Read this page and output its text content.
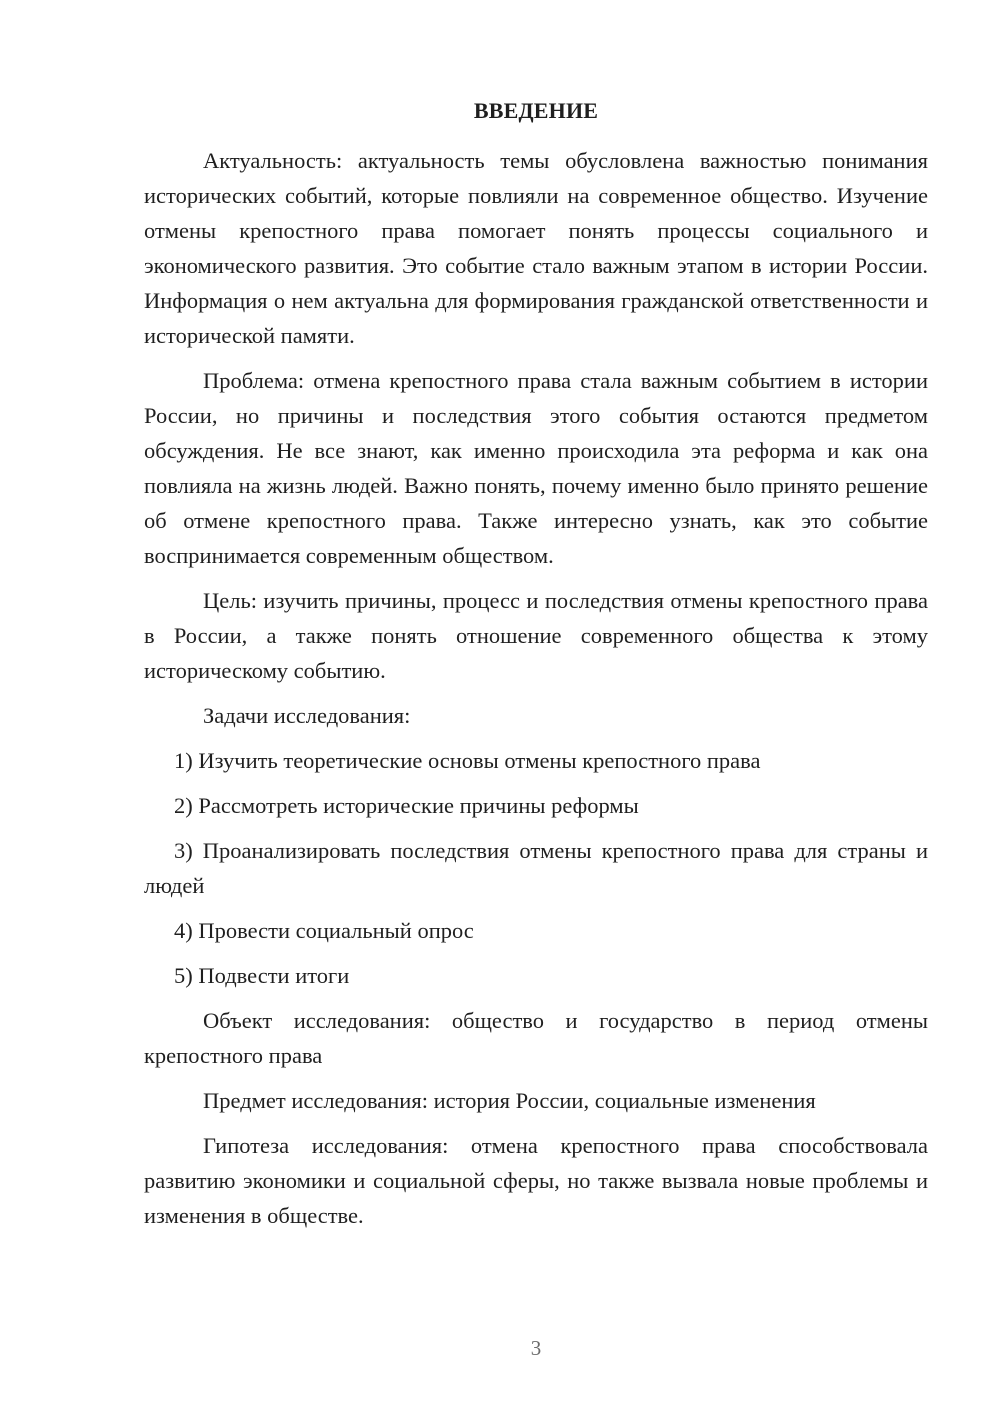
ВВЕДЕНИЕ

Актуальность: актуальность темы обусловлена важностью понимания исторических событий, которые повлияли на современное общество. Изучение отмены крепостного права помогает понять процессы социального и экономического развития. Это событие стало важным этапом в истории России. Информация о нем актуальна для формирования гражданской ответственности и исторической памяти.

Проблема: отмена крепостного права стала важным событием в истории России, но причины и последствия этого события остаются предметом обсуждения. Не все знают, как именно происходила эта реформа и как она повлияла на жизнь людей. Важно понять, почему именно было принято решение об отмене крепостного права. Также интересно узнать, как это событие воспринимается современным обществом.

Цель: изучить причины, процесс и последствия отмены крепостного права в России, а также понять отношение современного общества к этому историческому событию.

Задачи исследования:

1) Изучить теоретические основы отмены крепостного права

2) Рассмотреть исторические причины реформы

3) Проанализировать последствия отмены крепостного права для страны и людей

4) Провести социальный опрос

5) Подвести итоги

Объект исследования: общество и государство в период отмены крепостного права

Предмет исследования: история России, социальные изменения

Гипотеза исследования: отмена крепостного права способствовала развитию экономики и социальной сферы, но также вызвала новые проблемы и изменения в обществе.

3
